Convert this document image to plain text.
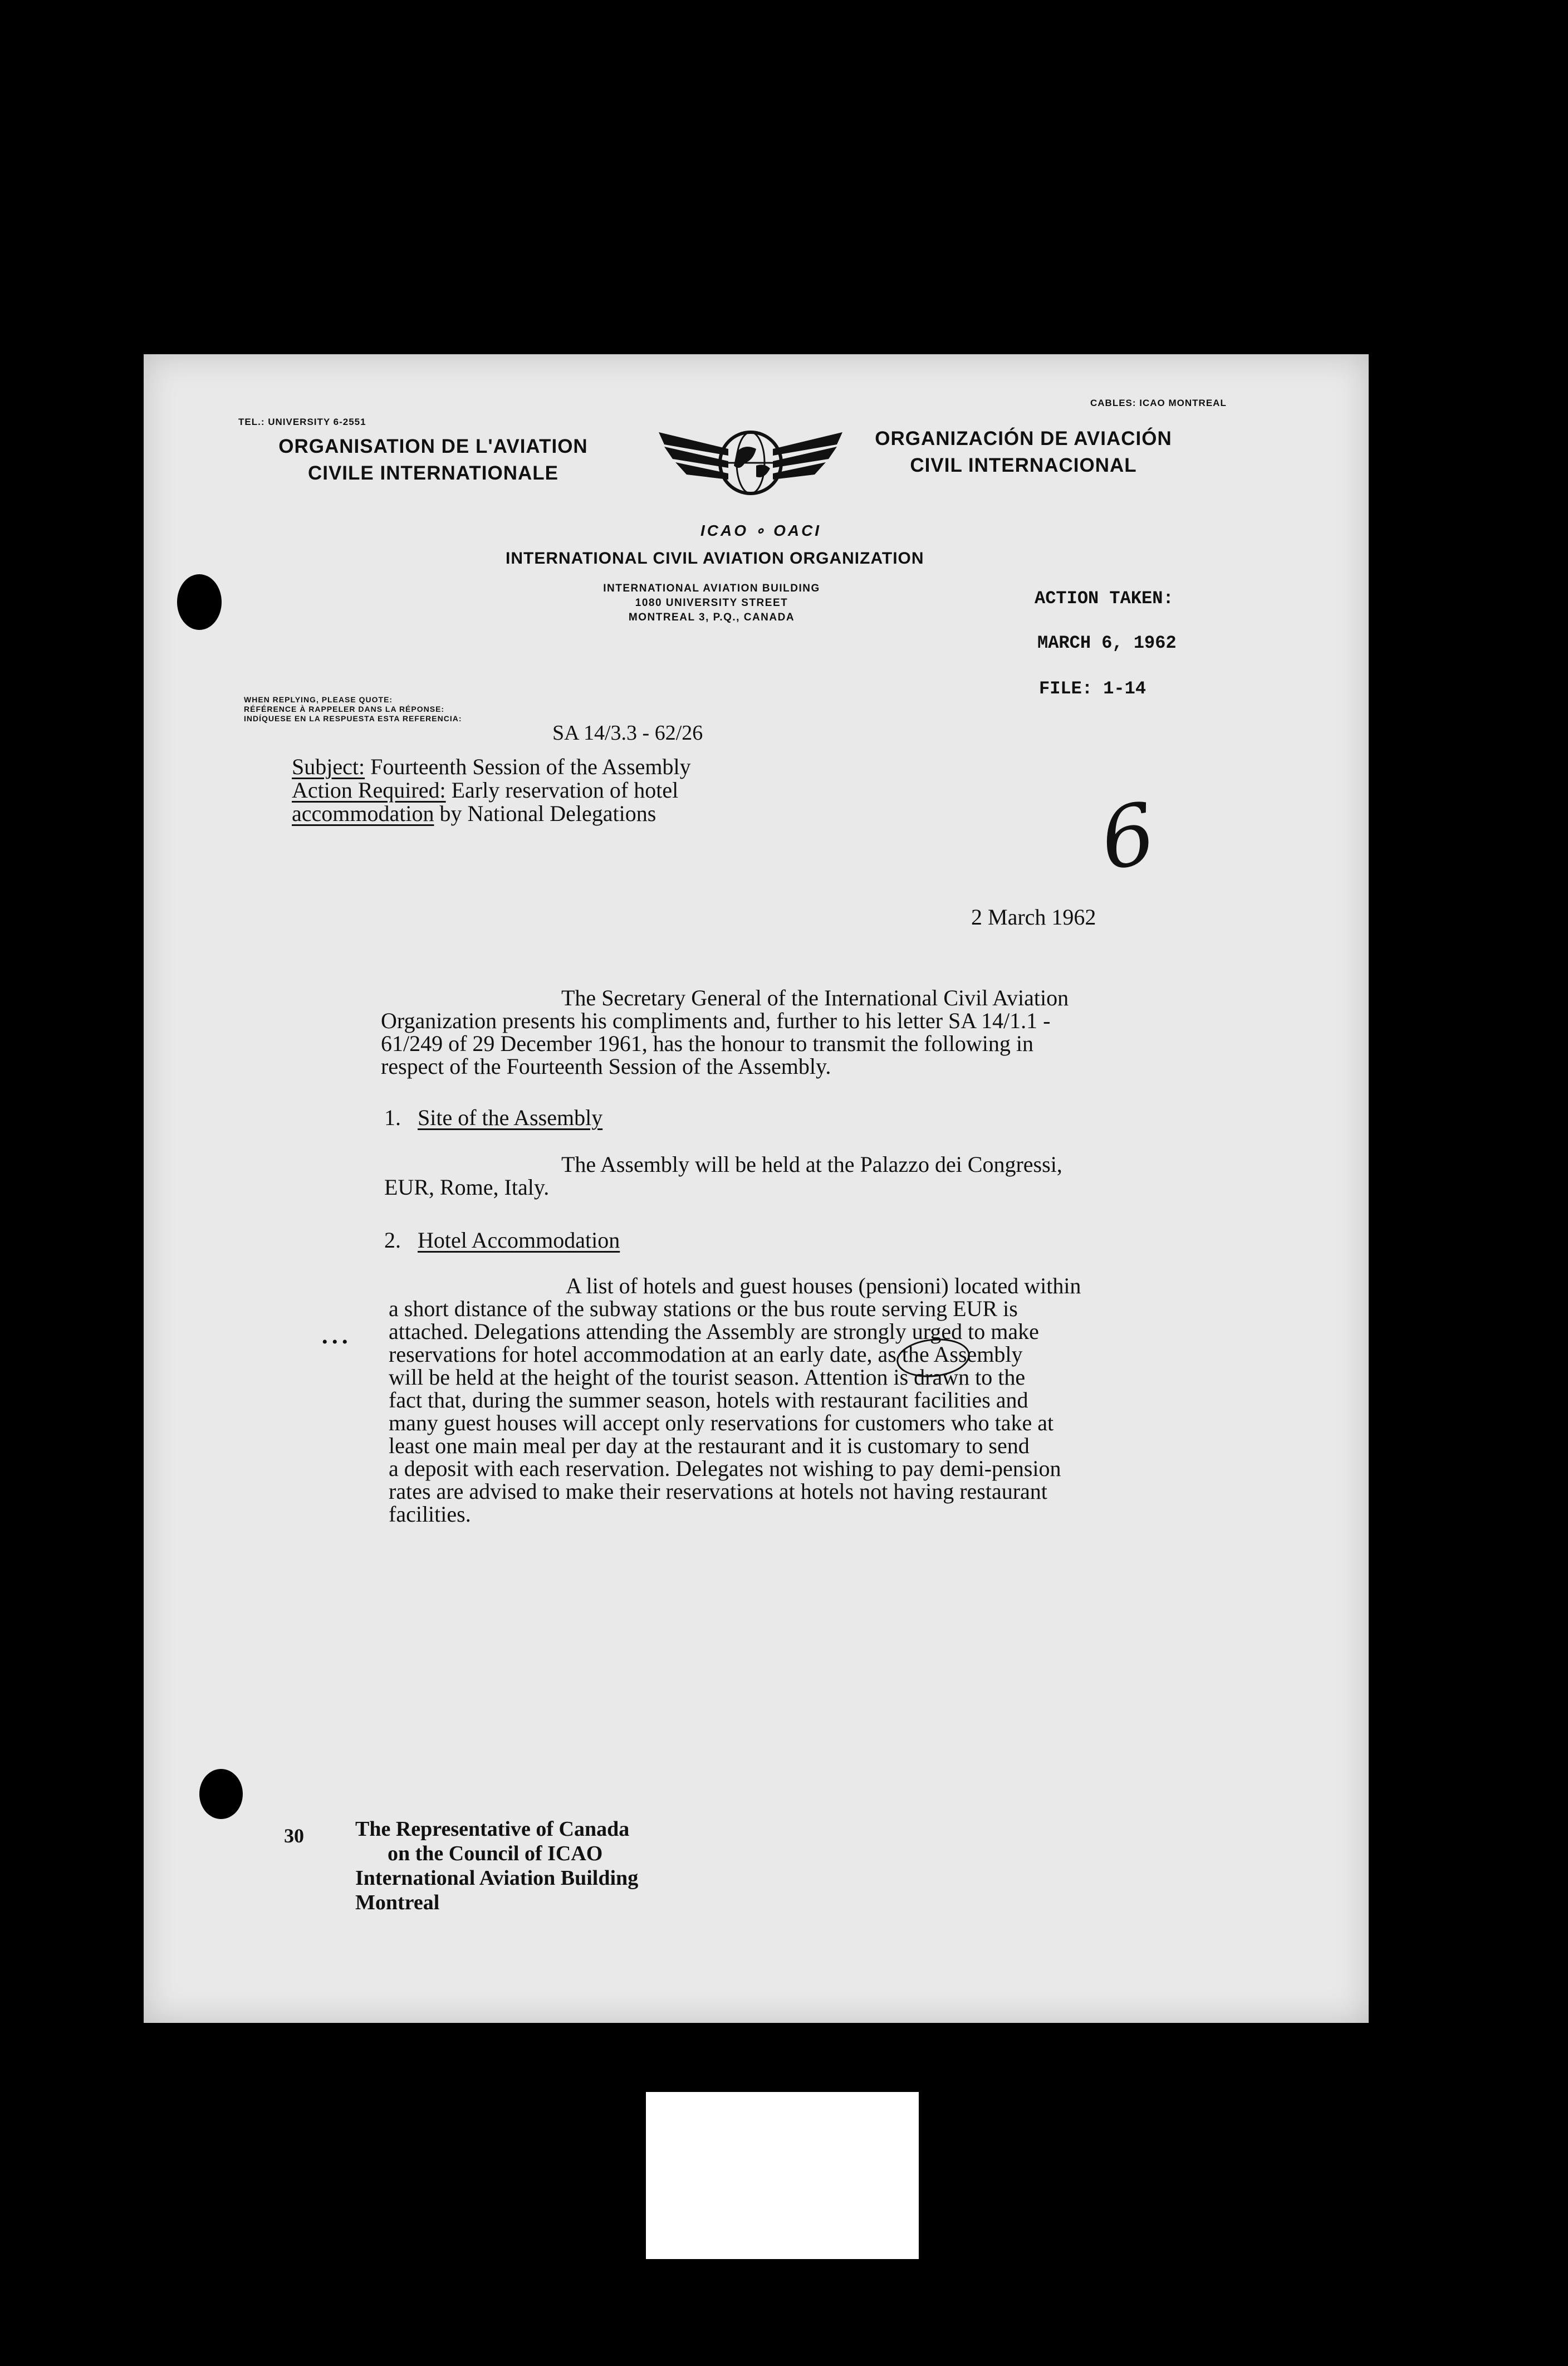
TEL.: UNIVERSITY 6-2551
CABLES: ICAO MONTREAL
ORGANISATION DE L'AVIATION
CIVILE INTERNATIONALE
ICAO ∘ OACI
ORGANIZACIÓN DE AVIACIÓN
CIVIL INTERNACIONAL
INTERNATIONAL CIVIL AVIATION ORGANIZATION
INTERNATIONAL AVIATION BUILDING
1080 UNIVERSITY STREET
MONTREAL 3, P.Q., CANADA
ACTION TAKEN:
MARCH 6, 1962
FILE: 1-14
WHEN REPLYING, PLEASE QUOTE:
RÉFÉRENCE À RAPPELER DANS LA RÉPONSE:
INDÍQUESE EN LA RESPUESTA ESTA REFERENCIA:
SA 14/3.3 - 62/26
6
Subject: Fourteenth Session of the Assembly
Action Required: Early reservation of hotel
accommodation by National Delegations
2 March 1962
The Secretary General of the International Civil Aviation
Organization presents his compliments and, further to his letter SA 14/1.1 -
61/249 of 29 December 1961, has the honour to transmit the following in
respect of the Fourteenth Session of the Assembly.
1. Site of the Assembly
The Assembly will be held at the Palazzo dei Congressi,
EUR, Rome, Italy.
2. Hotel Accommodation
• • •
A list of hotels and guest houses (pensioni) located within
a short distance of the subway stations or the bus route serving EUR is
attached. Delegations attending the Assembly are strongly urged to make
reservations for hotel accommodation at an early date, as the Assembly
will be held at the height of the tourist season. Attention is drawn to the
fact that, during the summer season, hotels with restaurant facilities and
many guest houses will accept only reservations for customers who take at
least one main meal per day at the restaurant and it is customary to send
a deposit with each reservation. Delegates not wishing to pay demi-pension
rates are advised to make their reservations at hotels not having restaurant
facilities.
30 The Representative of Canada
on the Council of ICAO
International Aviation Building
Montreal
